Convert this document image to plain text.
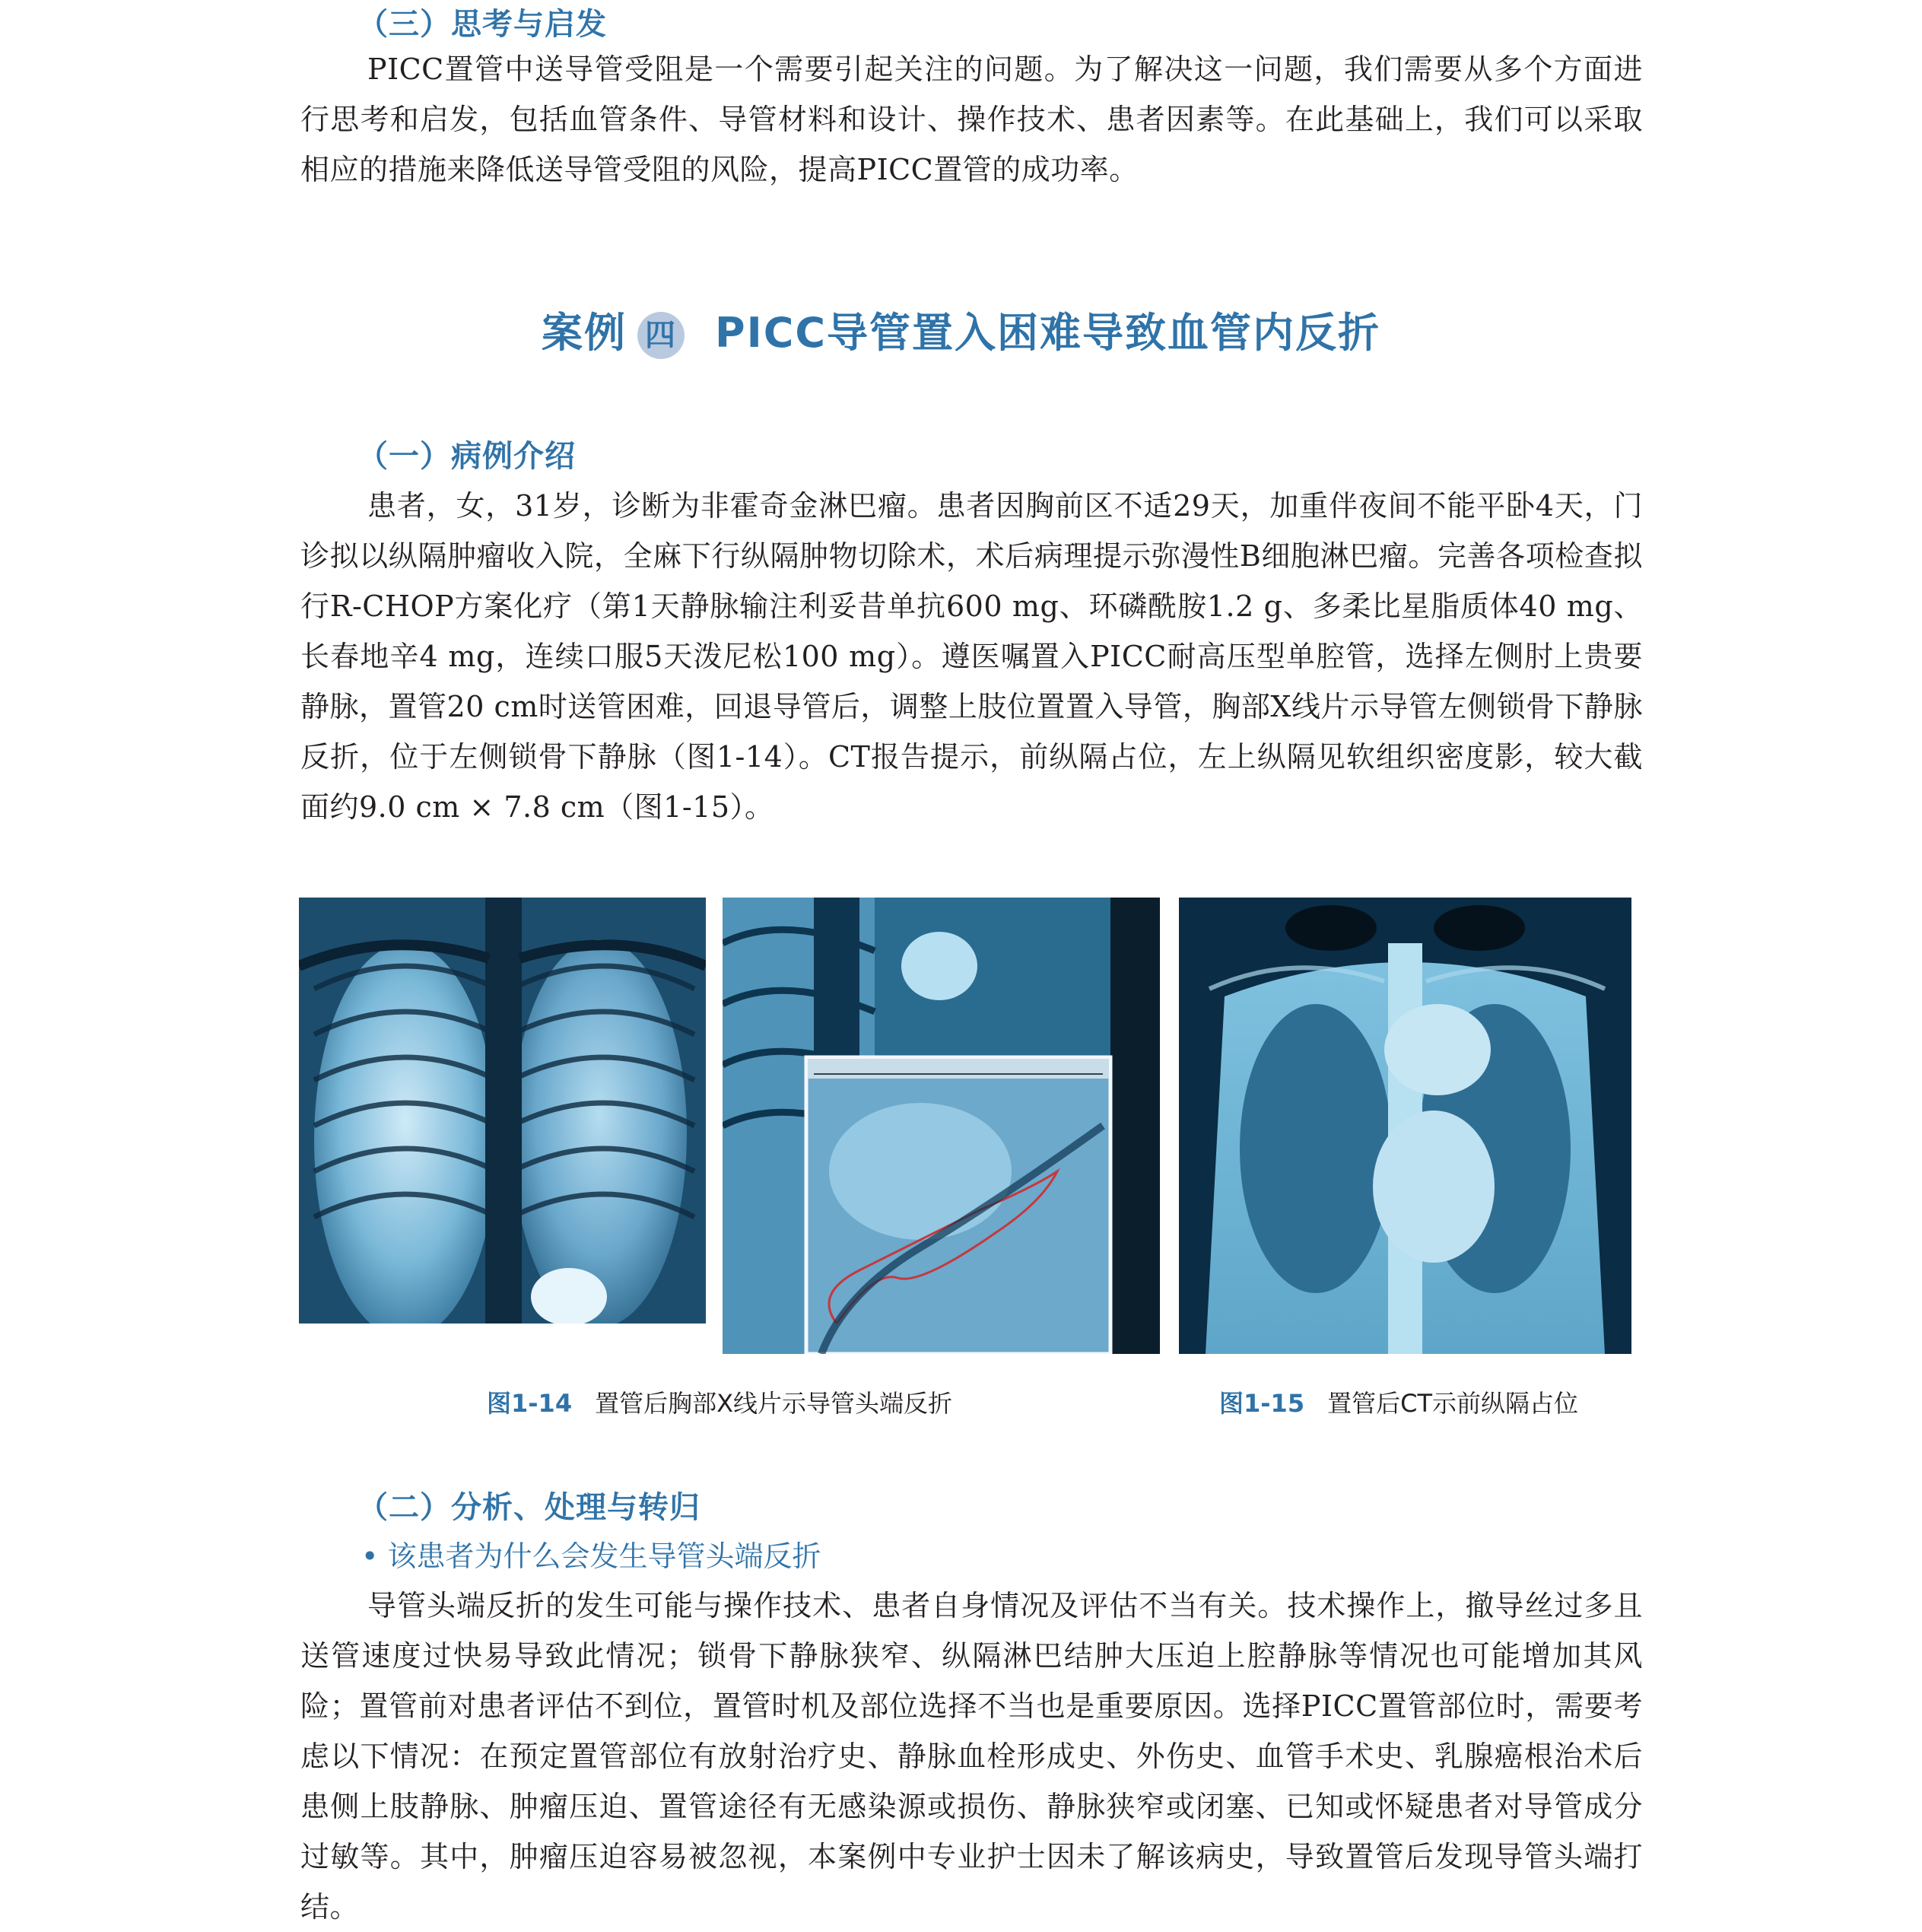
（三）思考与启发

PICC置管中送导管受阻是一个需要引起关注的问题。为了解决这一问题，我们需要从多个方面进行思考和启发，包括血管条件、导管材料和设计、操作技术、患者因素等。在此基础上，我们可以采取相应的措施来降低送导管受阻的风险，提高PICC置管的成功率。

案例 四 PICC导管置入困难导致血管内反折
（一）病例介绍

患者，女，31岁，诊断为非霍奇金淋巴瘤。患者因胸前区不适29天，加重伴夜间不能平卧4天，门诊拟以纵隔肿瘤收入院，全麻下行纵隔肿物切除术，术后病理提示弥漫性B细胞淋巴瘤。完善各项检查拟行R-CHOP方案化疗（第1天静脉输注利妥昔单抗600 mg、环磷酰胺1.2 g、多柔比星脂质体40 mg、长春地辛4 mg，连续口服5天泼尼松100 mg）。遵医嘱置入PICC耐高压型单腔管，选择左侧肘上贵要静脉，置管20 cm时送管困难，回退导管后，调整上肢位置置入导管，胸部X线片示导管左侧锁骨下静脉反折，位于左侧锁骨下静脉（图1-14）。CT报告提示，前纵隔占位，左上纵隔见软组织密度影，较大截面约9.0 cm × 7.8 cm（图1-15）。

图1-14 置管后胸部X线片示导管头端反折	图1-15 置管后CT示前纵隔占位
（二）分析、处理与转归
• 该患者为什么会发生导管头端反折

导管头端反折的发生可能与操作技术、患者自身情况及评估不当有关。技术操作上，撤导丝过多且送管速度过快易导致此情况；锁骨下静脉狭窄、纵隔淋巴结肿大压迫上腔静脉等情况也可能增加其风险；置管前对患者评估不到位，置管时机及部位选择不当也是重要原因。选择PICC置管部位时，需要考虑以下情况：在预定置管部位有放射治疗史、静脉血栓形成史、外伤史、血管手术史、乳腺癌根治术后患侧上肢静脉、肿瘤压迫、置管途径有无感染源或损伤、静脉狭窄或闭塞、已知或怀疑患者对导管成分过敏等。其中，肿瘤压迫容易被忽视，本案例中专业护士因未了解该病史，导致置管后发现导管头端打结。
